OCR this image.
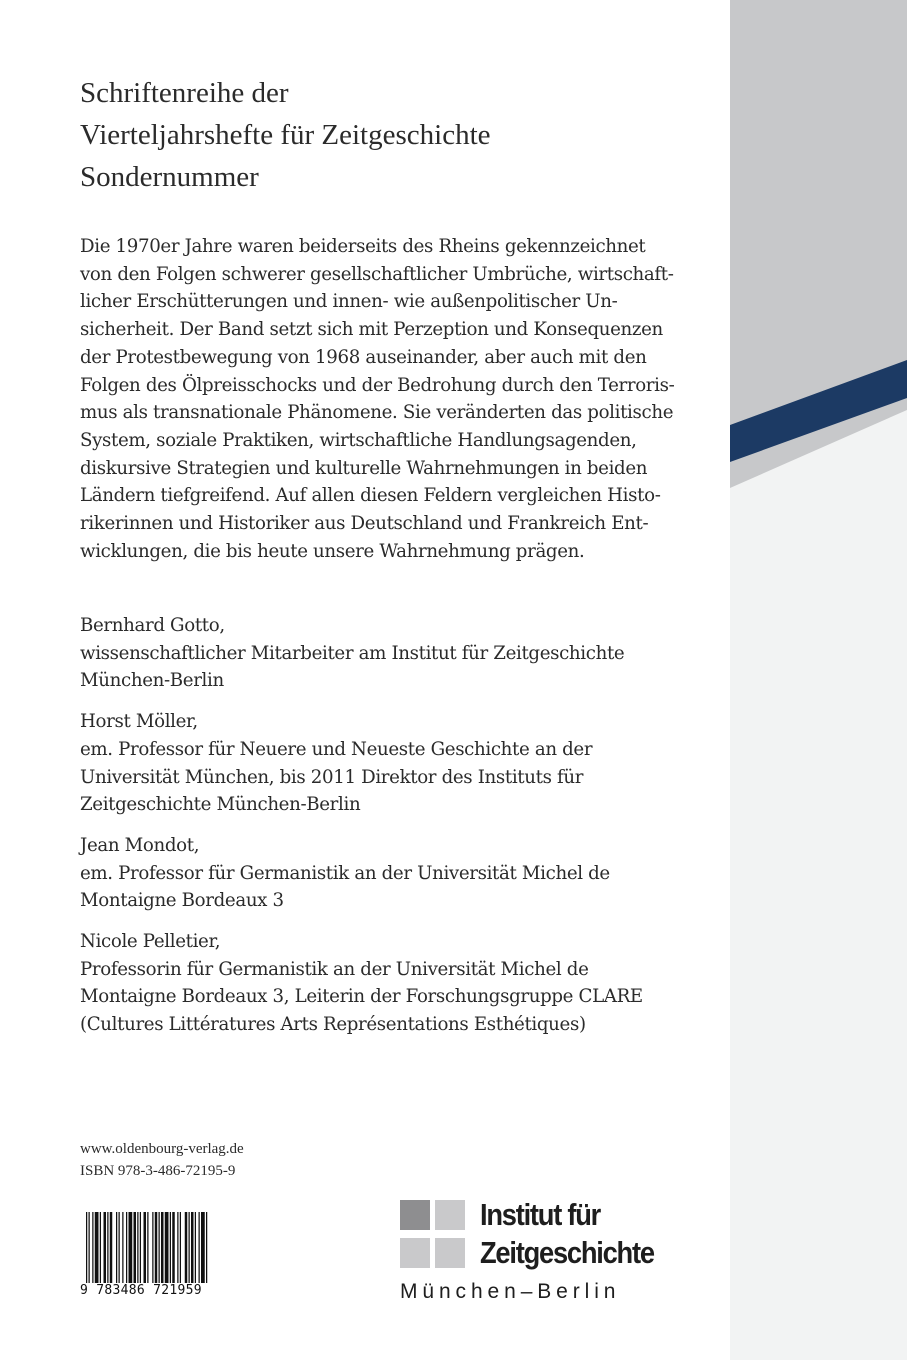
Schriftenreihe der
Vierteljahrshefte für Zeitgeschichte
Sondernummer
Die 1970er Jahre waren beiderseits des Rheins gekennzeichnet
von den Folgen schwerer gesellschaftlicher Umbrüche, wirtschaft-
licher Erschütterungen und innen- wie außenpolitischer Un-
sicherheit. Der Band setzt sich mit Perzeption und Konsequenzen
der Protestbewegung von 1968 auseinander, aber auch mit den
Folgen des Ölpreisschocks und der Bedrohung durch den Terroris-
mus als transnationale Phänomene. Sie veränderten das politische
System, soziale Praktiken, wirtschaftliche Handlungsagenden,
diskursive Strategien und kulturelle Wahrnehmungen in beiden
Ländern tiefgreifend. Auf allen diesen Feldern vergleichen Histo-
rikerinnen und Historiker aus Deutschland und Frankreich Ent-
wicklungen, die bis heute unsere Wahrnehmung prägen.
Bernhard Gotto,
wissenschaftlicher Mitarbeiter am Institut für Zeitgeschichte
München-Berlin
Horst Möller,
em. Professor für Neuere und Neueste Geschichte an der
Universität München, bis 2011 Direktor des Instituts für
Zeitgeschichte München-Berlin
Jean Mondot,
em. Professor für Germanistik an der Universität Michel de
Montaigne Bordeaux 3
Nicole Pelletier,
Professorin für Germanistik an der Universität Michel de
Montaigne Bordeaux 3, Leiterin der Forschungsgruppe CLARE
(Cultures Littératures Arts Représentations Esthétiques)
www.oldenbourg-verlag.de
ISBN 978-3-486-72195-9
9 783486 721959
Institut für
Zeitgeschichte
München–Berlin
